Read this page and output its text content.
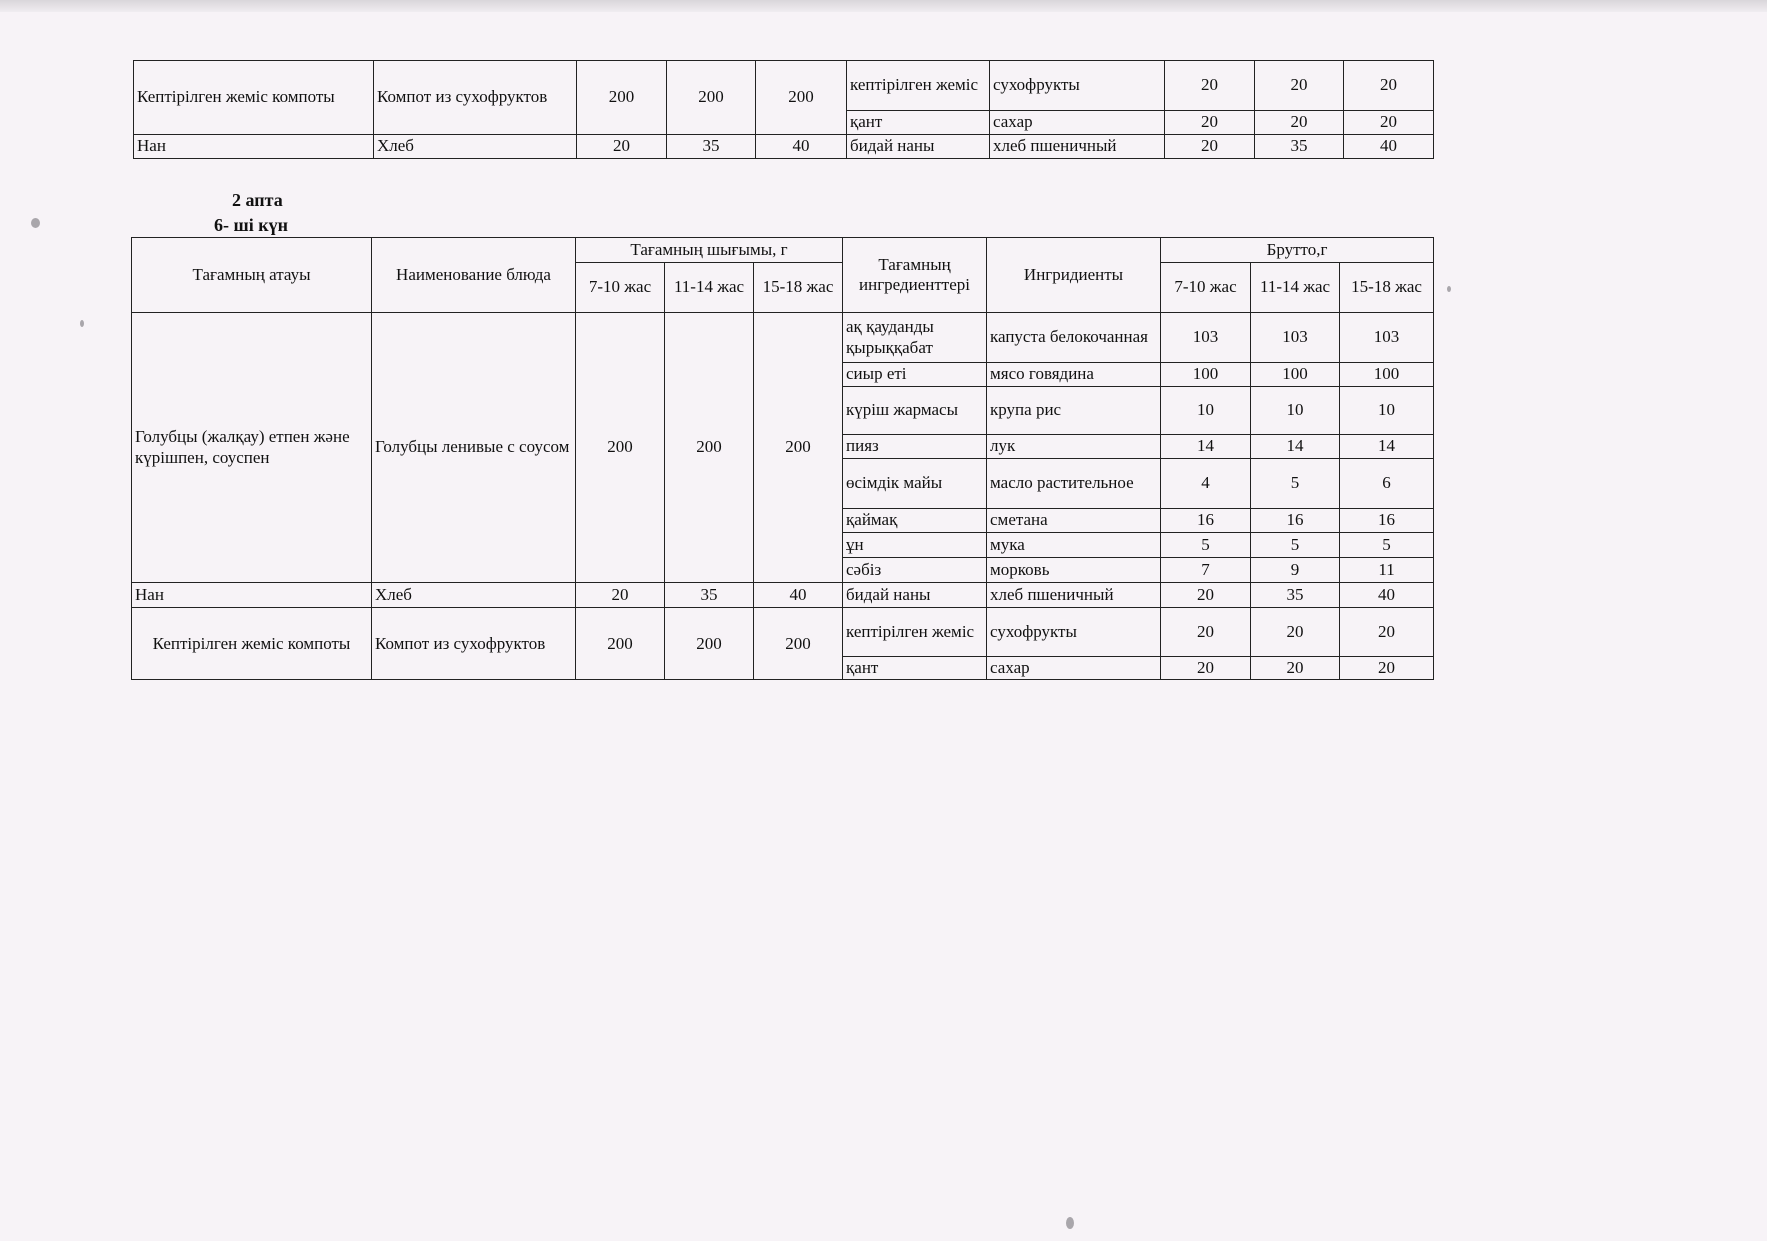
Кептірілген жеміс компоты	Компот из сухофруктов	200	200	200	кептірілген жеміс	сухофрукты	20	20	20
					қант	сахар	20	20	20
Нан	Хлеб	20	35	40	бидай наны	хлеб пшеничный	20	35	40
2 апта
6- ші күн
Тағамның атауы	Наименование блюда	Тағамның шығымы, г			Тағамның ингредиенттері	Ингридиенты	Брутто,г		
		7-10 жас	11-14 жас	15-18 жас			7-10 жас	11-14 жас	15-18 жас
Голубцы (жалқау) етпен және күрішпен, соуспен	Голубцы ленивые с соусом	200	200	200	ақ қауданды қырыққабат	капуста белокочанная	103	103	103
					сиыр еті	мясо говядина	100	100	100
					күріш жармасы	крупа рис	10	10	10
					пияз	лук	14	14	14
					өсімдік майы	масло растительное	4	5	6
					қаймақ	сметана	16	16	16
					ұн	мука	5	5	5
					сәбіз	морковь	7	9	11
Нан	Хлеб	20	35	40	бидай наны	хлеб пшеничный	20	35	40
Кептірілген жеміс компоты	Компот из сухофруктов	200	200	200	кептірілген жеміс	сухофрукты	20	20	20
					қант	сахар	20	20	20
